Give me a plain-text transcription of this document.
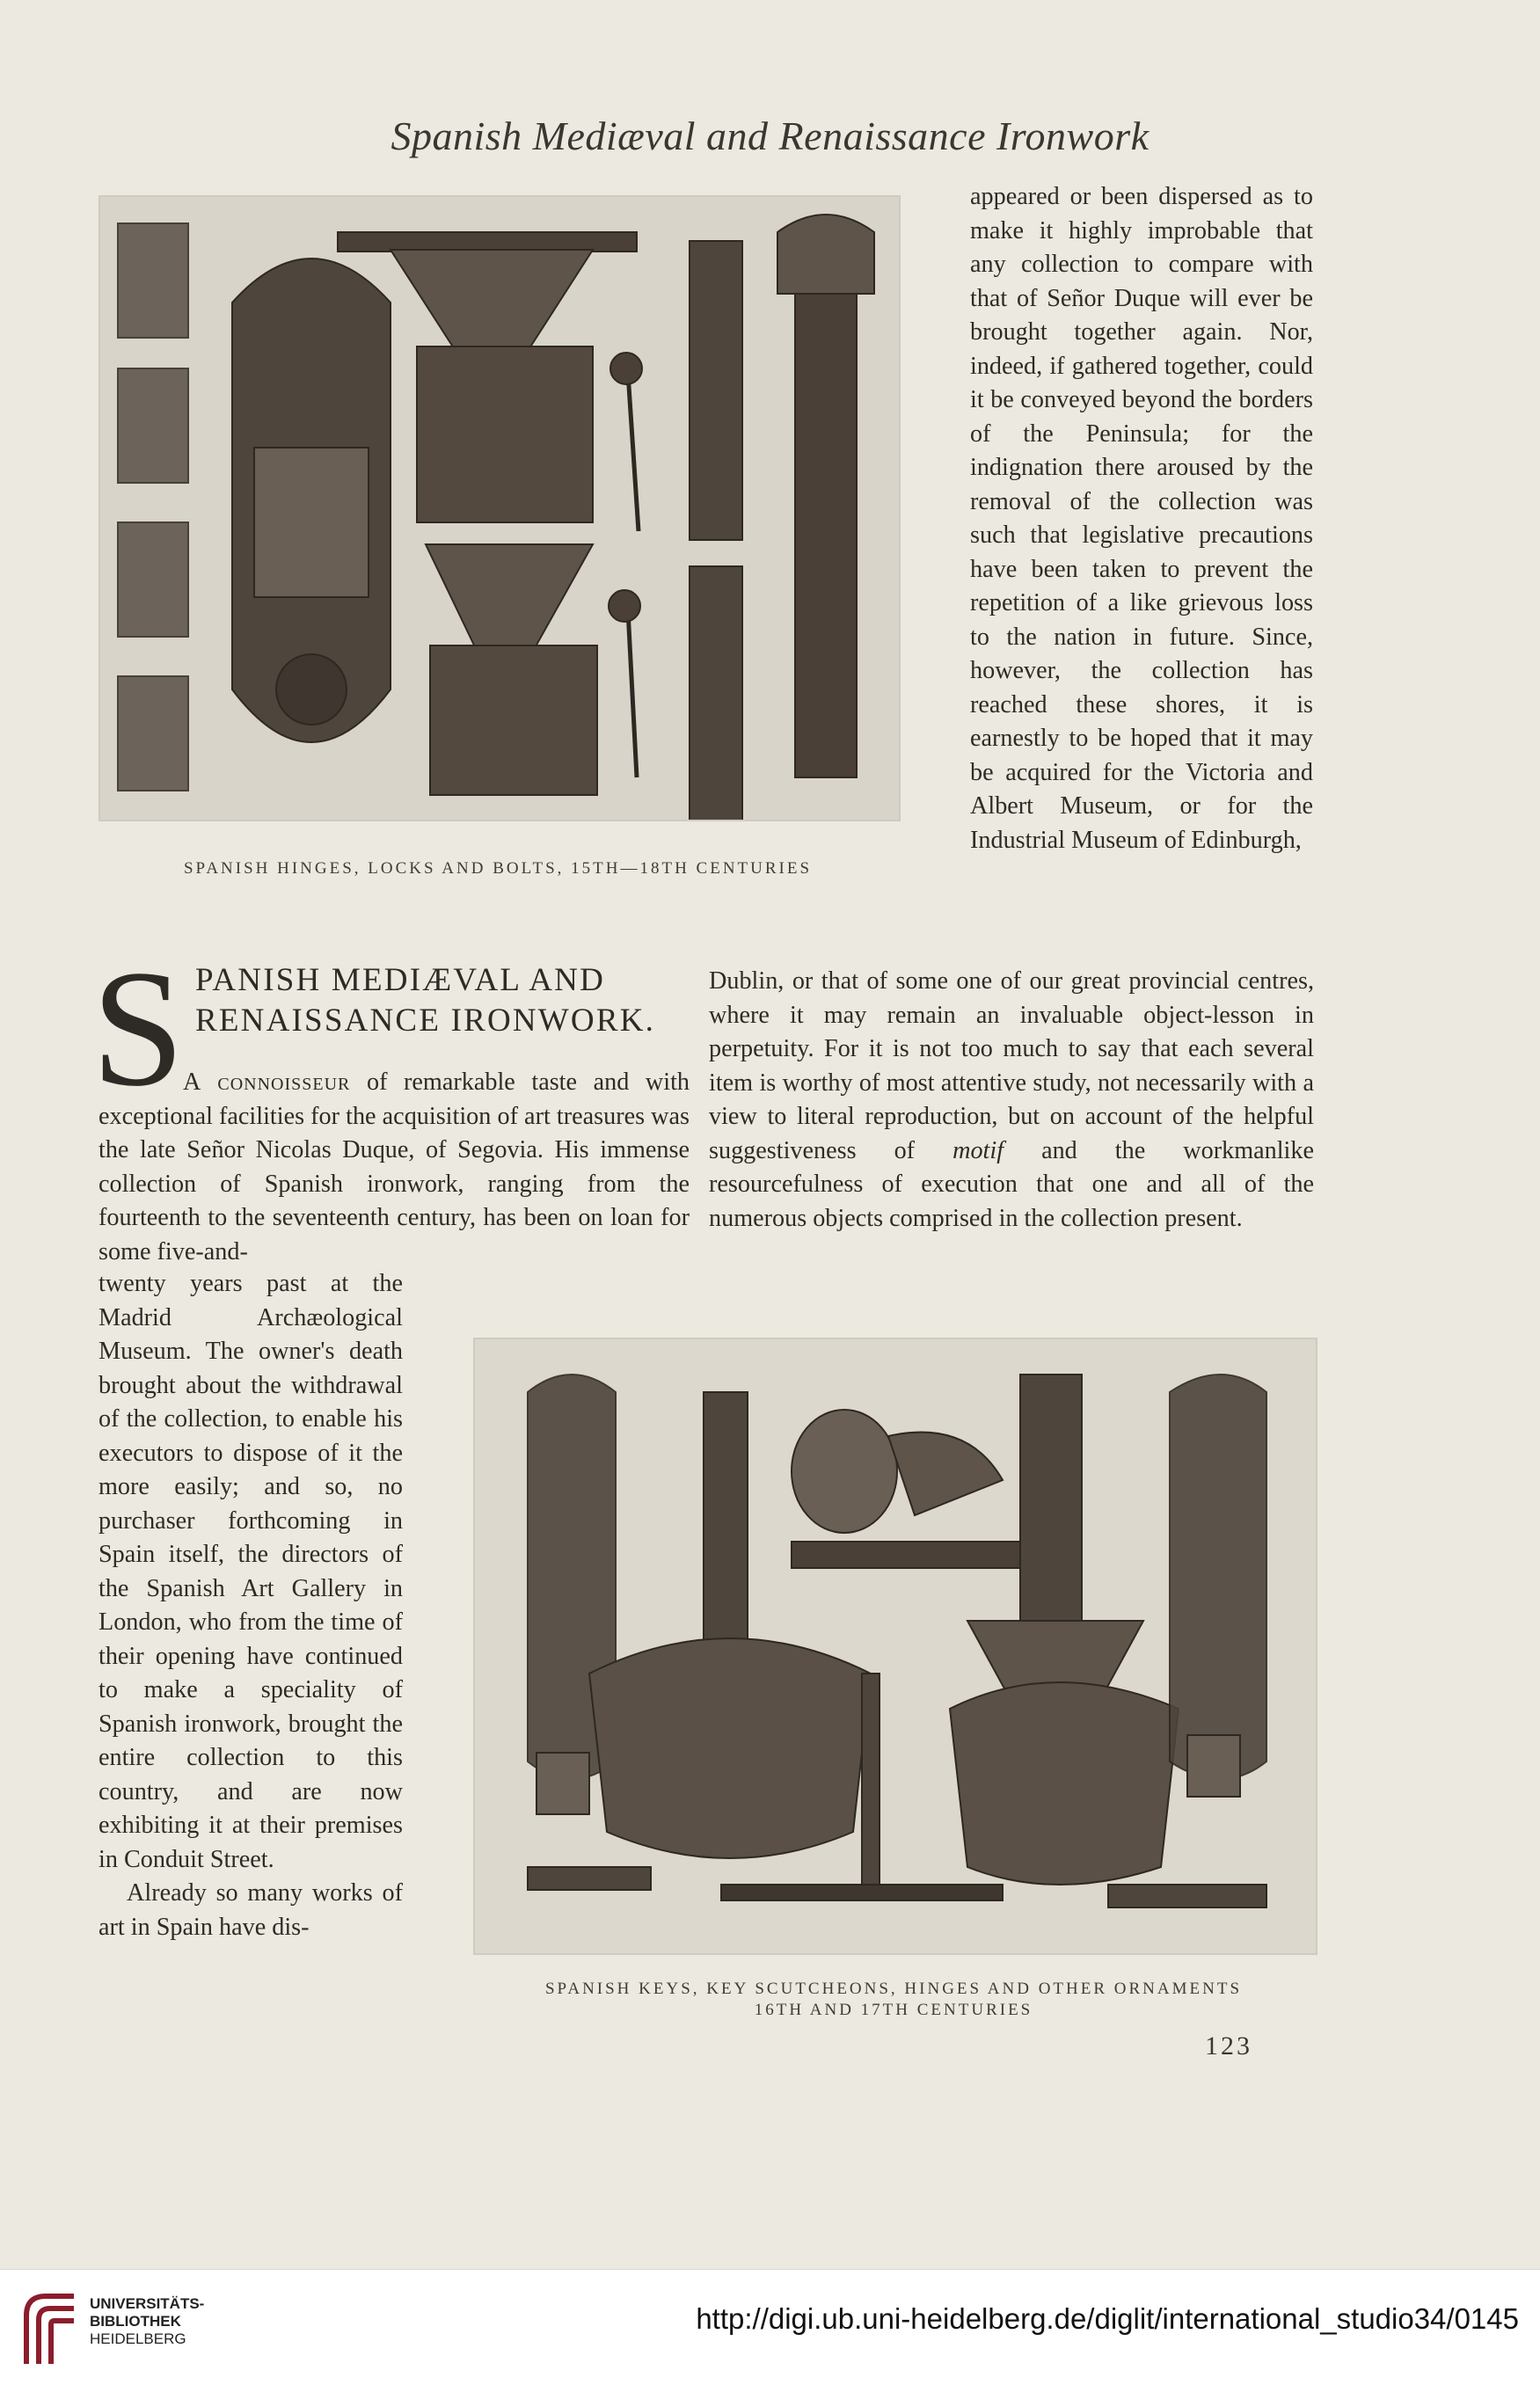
Spanish Mediæval and Renaissance Ironwork
SPANISH HINGES, LOCKS AND BOLTS, 15TH—18TH CENTURIES

appeared or been dispersed as to make it highly improbable that any collection to compare with that of Señor Duque will ever be brought together again. Nor, indeed, if gathered together, could it be conveyed beyond the borders of the Peninsula; for the indignation there aroused by the removal of the collection was such that legislative precautions have been taken to prevent the repetition of a like grievous loss to the nation in future. Since, however, the collection has reached these shores, it is earnestly to be hoped that it may be acquired for the Victoria and Albert Museum, or for the Industrial Museum of Edinburgh,

S PANISH MEDIÆVAL AND RENAISSANCE IRONWORK.

A connoisseur of remarkable taste and with exceptional facilities for the acquisition of art treasures was the late Señor Nicolas Duque, of Segovia. His immense collection of Spanish ironwork, ranging from the fourteenth to the seventeenth century, has been on loan for some five-and-

Dublin, or that of some one of our great provincial centres, where it may remain an invaluable object-lesson in perpetuity. For it is not too much to say that each several item is worthy of most attentive study, not necessarily with a view to literal reproduction, but on account of the helpful suggestiveness of motif and the workmanlike resourcefulness of execution that one and all of the numerous objects comprised in the collection present.

twenty years past at the Madrid Archæological Museum. The owner's death brought about the withdrawal of the collection, to enable his executors to dispose of it the more easily; and so, no purchaser forthcoming in Spain itself, the directors of the Spanish Art Gallery in London, who from the time of their opening have continued to make a speciality of Spanish ironwork, brought the entire collection to this country, and are now exhibiting it at their premises in Conduit Street.

Already so many works of art in Spain have dis-

SPANISH KEYS, KEY SCUTCHEONS, HINGES AND OTHER ORNAMENTS
16TH AND 17TH CENTURIES
123
UNIVERSITÄTS-
BIBLIOTHEK
HEIDELBERG
http://digi.ub.uni-heidelberg.de/diglit/international_studio34/0145
